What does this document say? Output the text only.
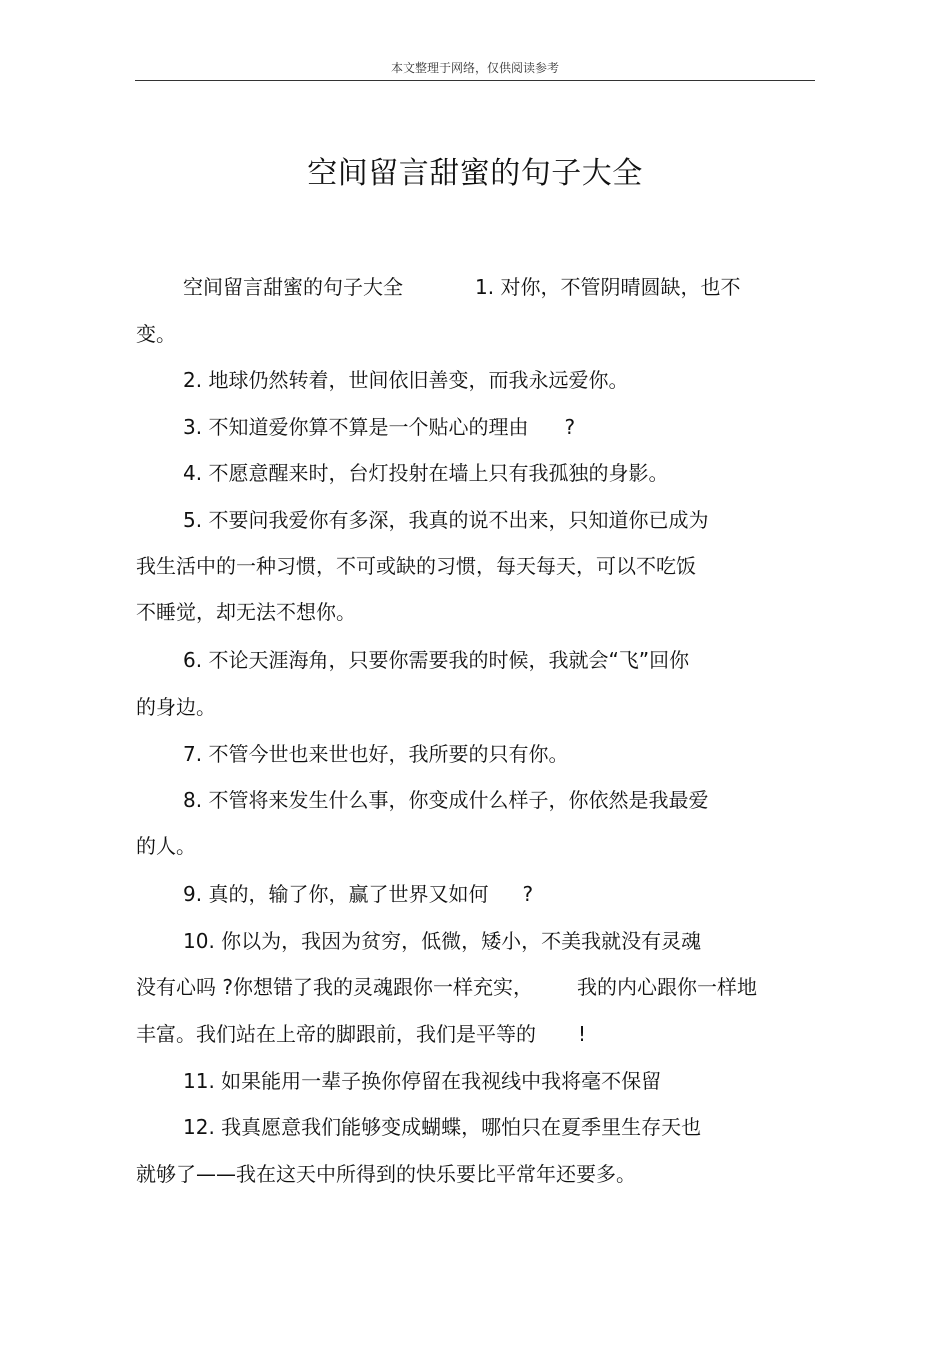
本文整理于网络，仅供阅读参考
空间留言甜蜜的句子大全
空间留言甜蜜的句子大全	1. 对你，不管阴晴圆缺，也不
变。
2. 地球仍然转着，世间依旧善变，而我永远爱你。
3. 不知道爱你算不算是一个贴心的理由 ?
4. 不愿意醒来时，台灯投射在墙上只有我孤独的身影。
5. 不要问我爱你有多深，我真的说不出来，只知道你已成为
我生活中的一种习惯，不可或缺的习惯，每天每天，可以不吃饭
不睡觉，却无法不想你。
6. 不论天涯海角，只要你需要我的时候，我就会“飞”回你
的身边。
7. 不管今世也来世也好，我所要的只有你。
8. 不管将来发生什么事，你变成什么样子，你依然是我最爱
的人。
9. 真的，输了你，赢了世界又如何 ?
10. 你以为，我因为贫穷，低微，矮小，不美我就没有灵魂
没有心吗 ?你想错了我的灵魂跟你一样充实， 我的内心跟你一样地
丰富。我们站在上帝的脚跟前，我们是平等的 !
11. 如果能用一辈子换你停留在我视线中我将毫不保留
12. 我真愿意我们能够变成蝴蝶，哪怕只在夏季里生存天也
就够了——我在这天中所得到的快乐要比平常年还要多。
